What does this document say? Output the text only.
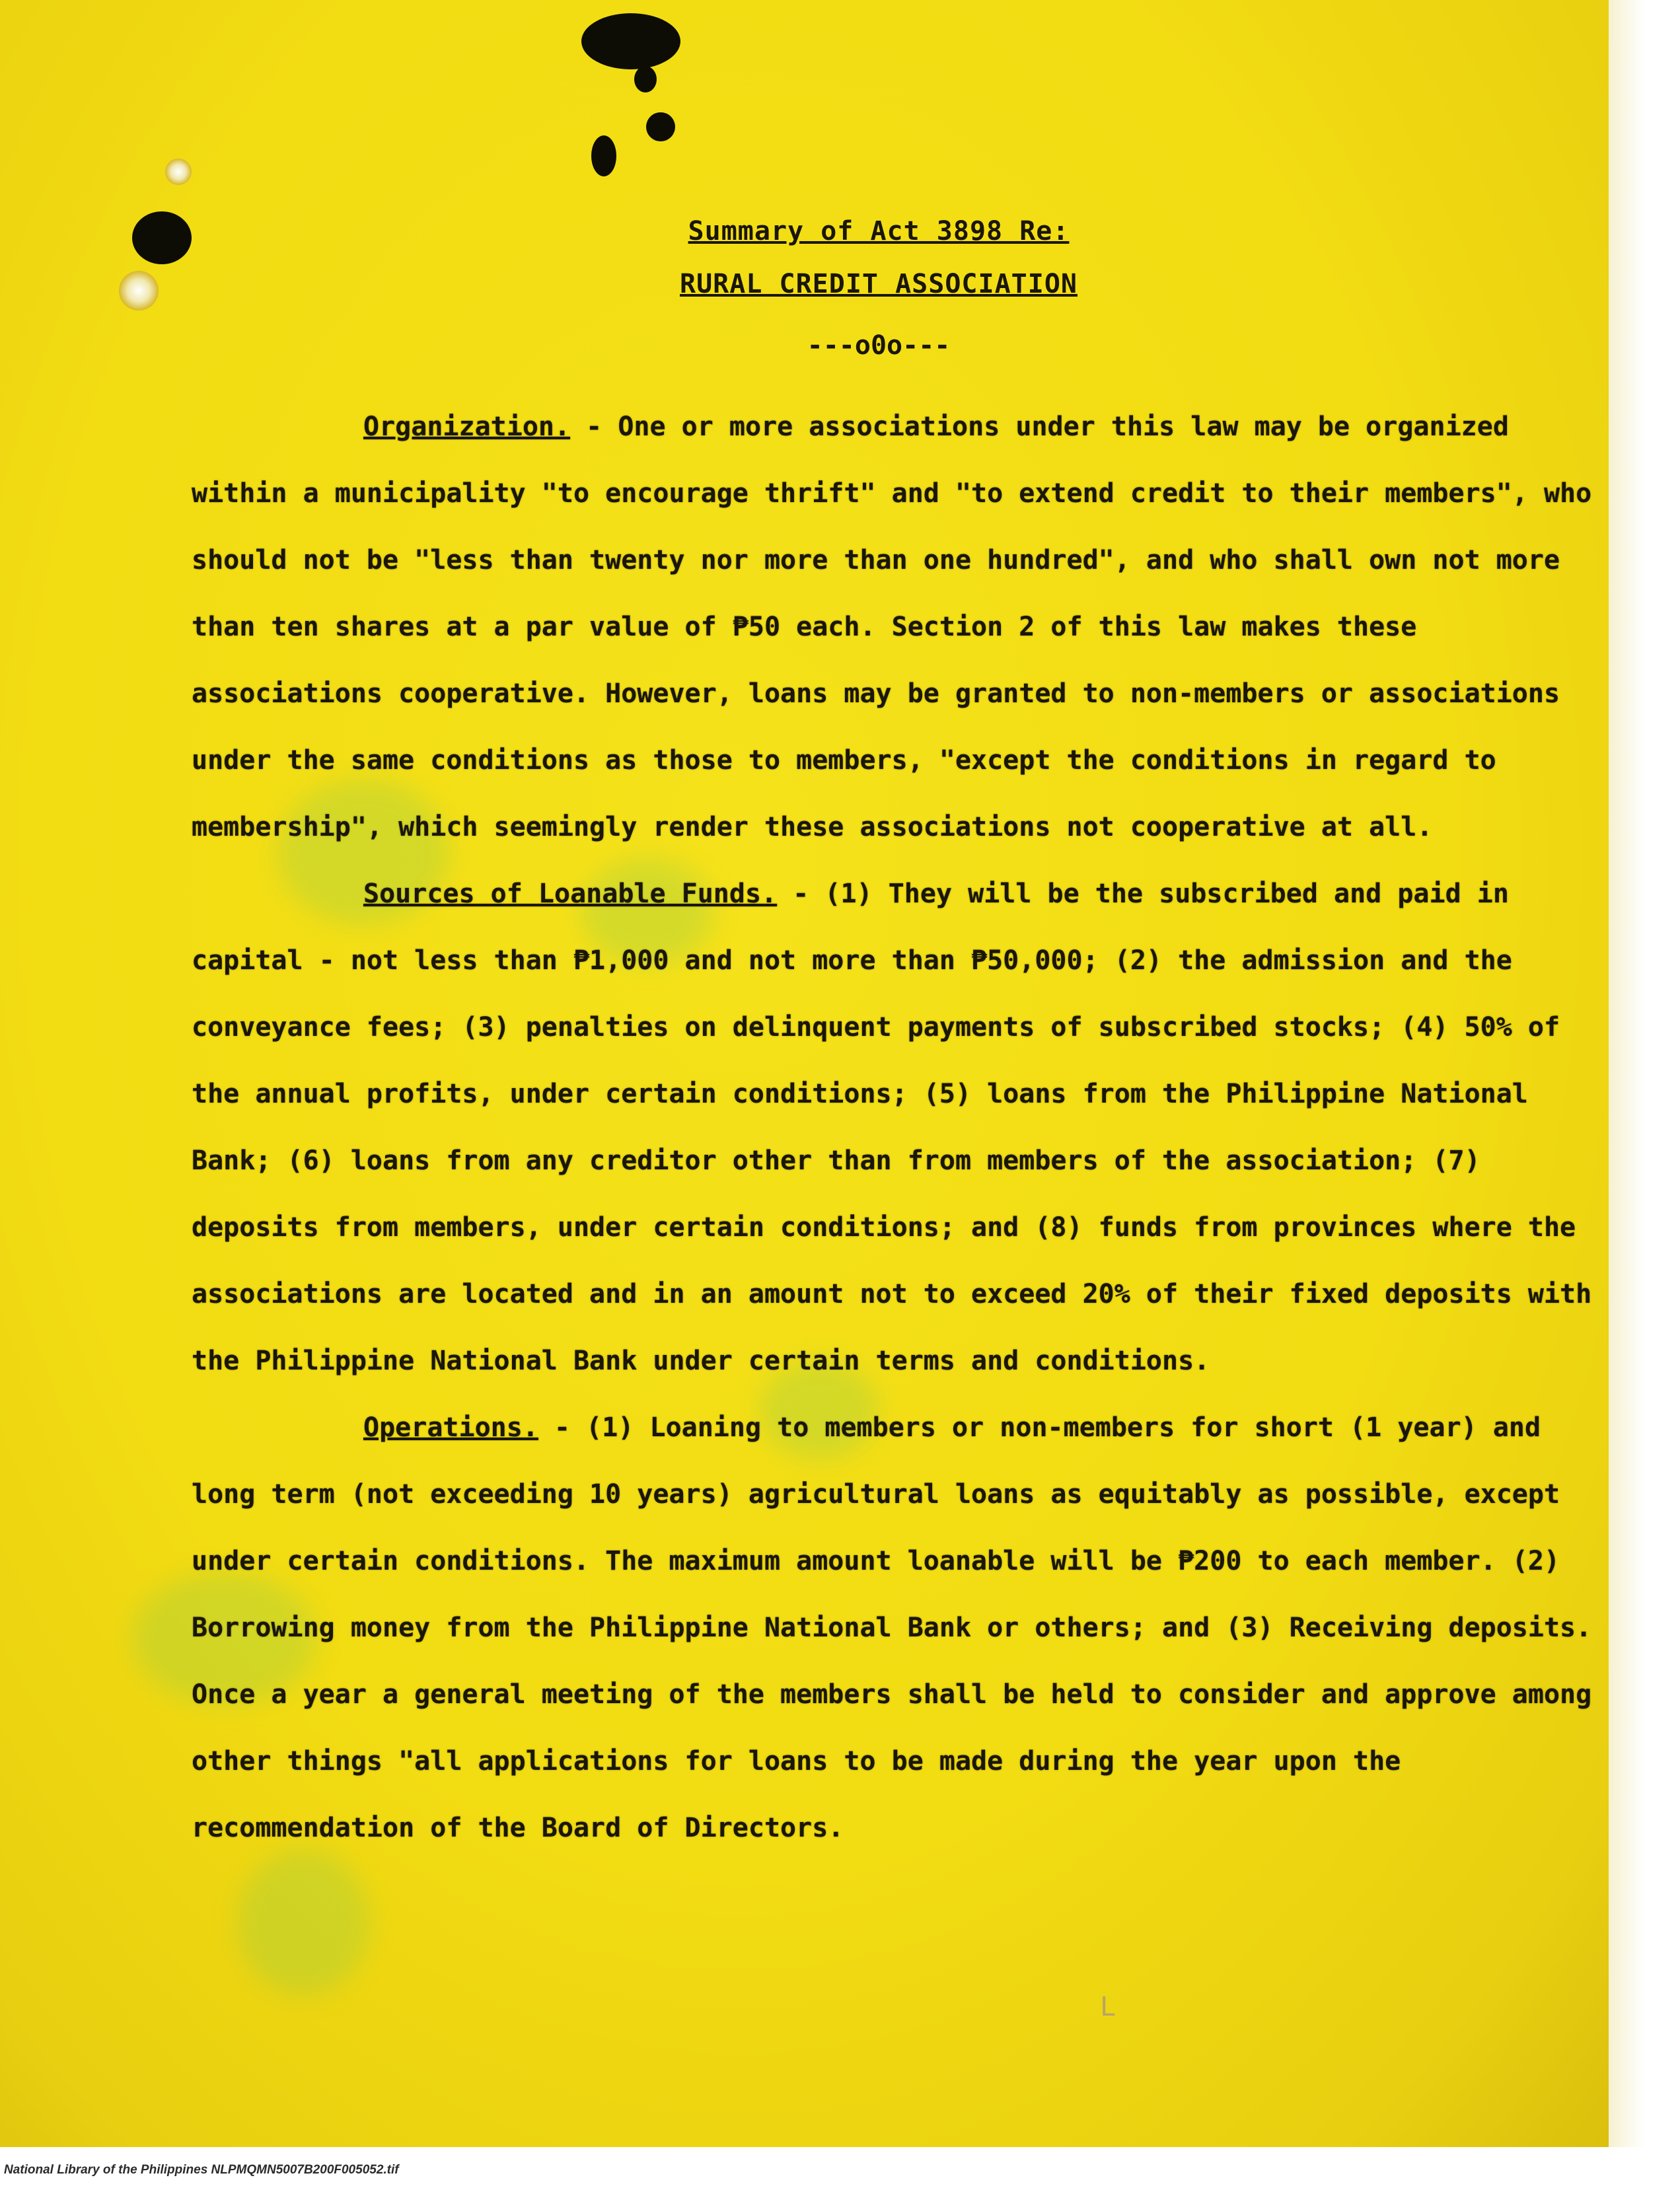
Summary of Act 3898 Re:
RURAL CREDIT ASSOCIATION
---o0o---

Organization. - One or more associations under this law may be organized within a municipality "to encourage thrift" and "to extend credit to their members", who should not be "less than twenty nor more than one hundred", and who shall own not more than ten shares at a par value of ₱50 each. Section 2 of this law makes these associations cooperative. However, loans may be granted to non-members or associations under the same conditions as those to members, "except the conditions in regard to membership", which seemingly render these associations not cooperative at all.

Sources of Loanable Funds. - (1) They will be the subscribed and paid in capital - not less than ₱1,000 and not more than ₱50,000; (2) the admission and the conveyance fees; (3) penalties on delinquent payments of subscribed stocks; (4) 50% of the annual profits, under certain conditions; (5) loans from the Philippine National Bank; (6) loans from any creditor other than from members of the association; (7) deposits from members, under certain conditions; and (8) funds from provinces where the associations are located and in an amount not to exceed 20% of their fixed deposits with the Philippine National Bank under certain terms and conditions.

Operations. - (1) Loaning to members or non-members for short (1 year) and long term (not exceeding 10 years) agricultural loans as equitably as possible, except under certain conditions. The maximum amount loanable will be ₱200 to each member. (2) Borrowing money from the Philippine National Bank or others; and (3) Receiving deposits. Once a year a general meeting of the members shall be held to consider and approve among other things "all applications for loans to be made during the year upon the recommendation of the Board of Directors.

L
National Library of the Philippines NLPMQMN5007B200F005052.tif
